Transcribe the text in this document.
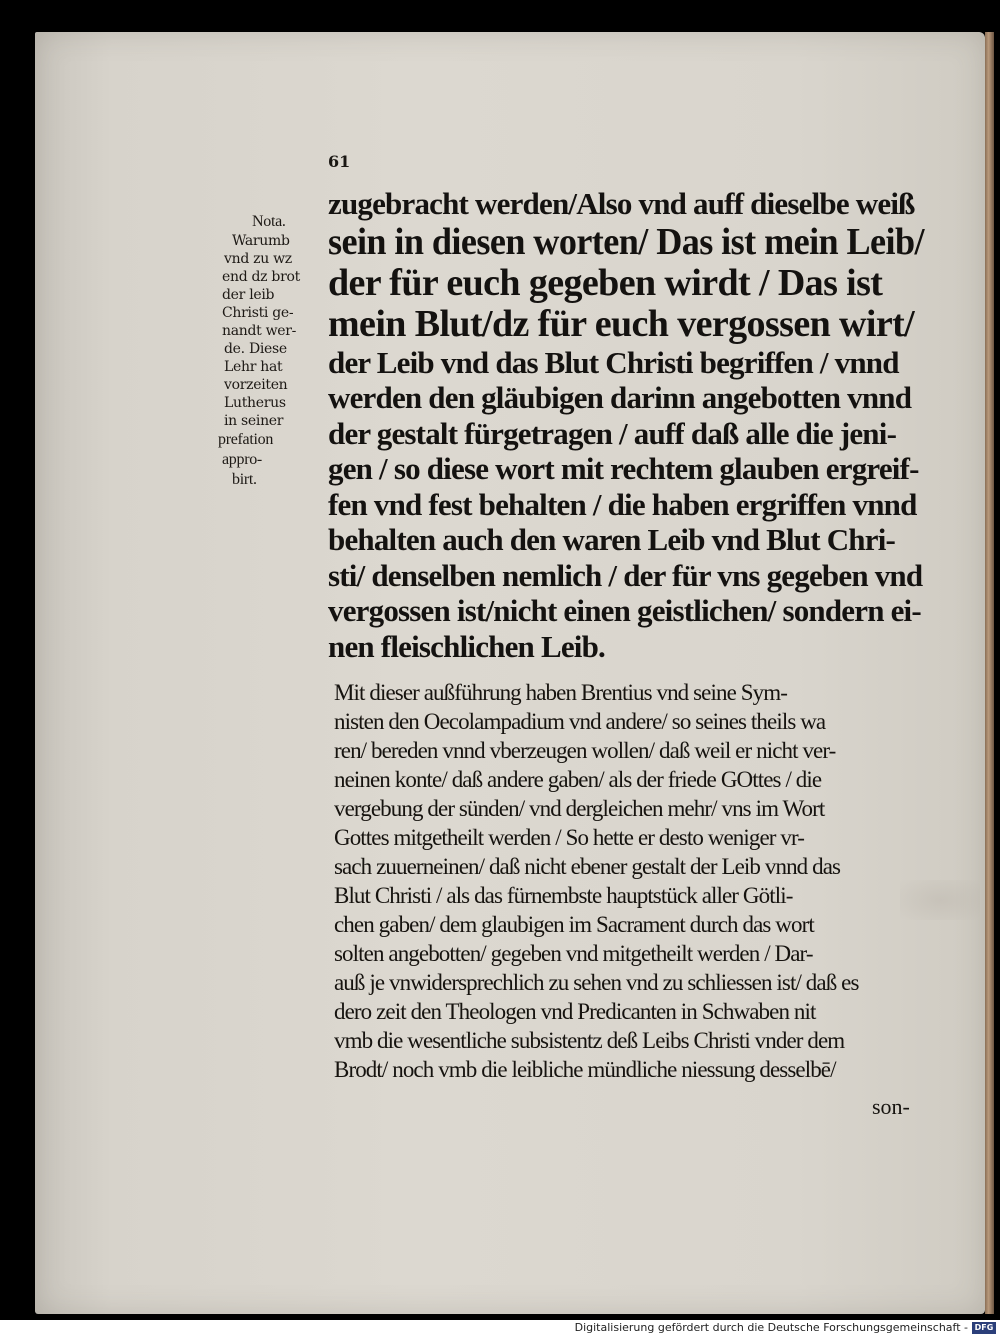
61
Nota.
Warumb
vnd zu wz
end dz brot
der leib
Christi ge-
nandt wer-
de. Diese
Lehr hat
vorzeiten
Lutherus
in seiner
prefation
appro-
birt.
zugebracht werden/Also vnd auff dieselbe weiß
sein in diesen worten/ Das ist mein Leib/
der für euch gegeben wirdt / Das ist
mein Blut/dz für euch vergossen wirt/
der Leib vnd das Blut Christi begriffen / vnnd
werden den gläubigen darinn angebotten vnnd
der gestalt fürgetragen / auff daß alle die jeni-
gen / so diese wort mit rechtem glauben ergreif-
fen vnd fest behalten / die haben ergriffen vnnd
behalten auch den waren Leib vnd Blut Chri-
sti/ denselben nemlich / der für vns gegeben vnd
vergossen ist/nicht einen geistlichen/ sondern ei-
nen fleischlichen Leib.
Mit dieser außführung haben Brentius vnd seine Sym-
nisten den Oecolampadium vnd andere/ so seines theils wa
ren/ bereden vnnd vberzeugen wollen/ daß weil er nicht ver-
neinen konte/ daß andere gaben/ als der friede GOttes / die
vergebung der sünden/ vnd dergleichen mehr/ vns im Wort
Gottes mitgetheilt werden / So hette er desto weniger vr-
sach zuuerneinen/ daß nicht ebener gestalt der Leib vnnd das
Blut Christi / als das fürnembste hauptstück aller Götli-
chen gaben/ dem glaubigen im Sacrament durch das wort
solten angebotten/ gegeben vnd mitgetheilt werden / Dar-
auß je vnwidersprechlich zu sehen vnd zu schliessen ist/ daß es
dero zeit den Theologen vnd Predicanten in Schwaben nit
vmb die wesentliche subsistentz deß Leibs Christi vnder dem
Brodt/ noch vmb die leibliche mündliche niessung desselbē/
son-
Digitalisierung gefördert durch die Deutsche Forschungsgemeinschaft - DFG
